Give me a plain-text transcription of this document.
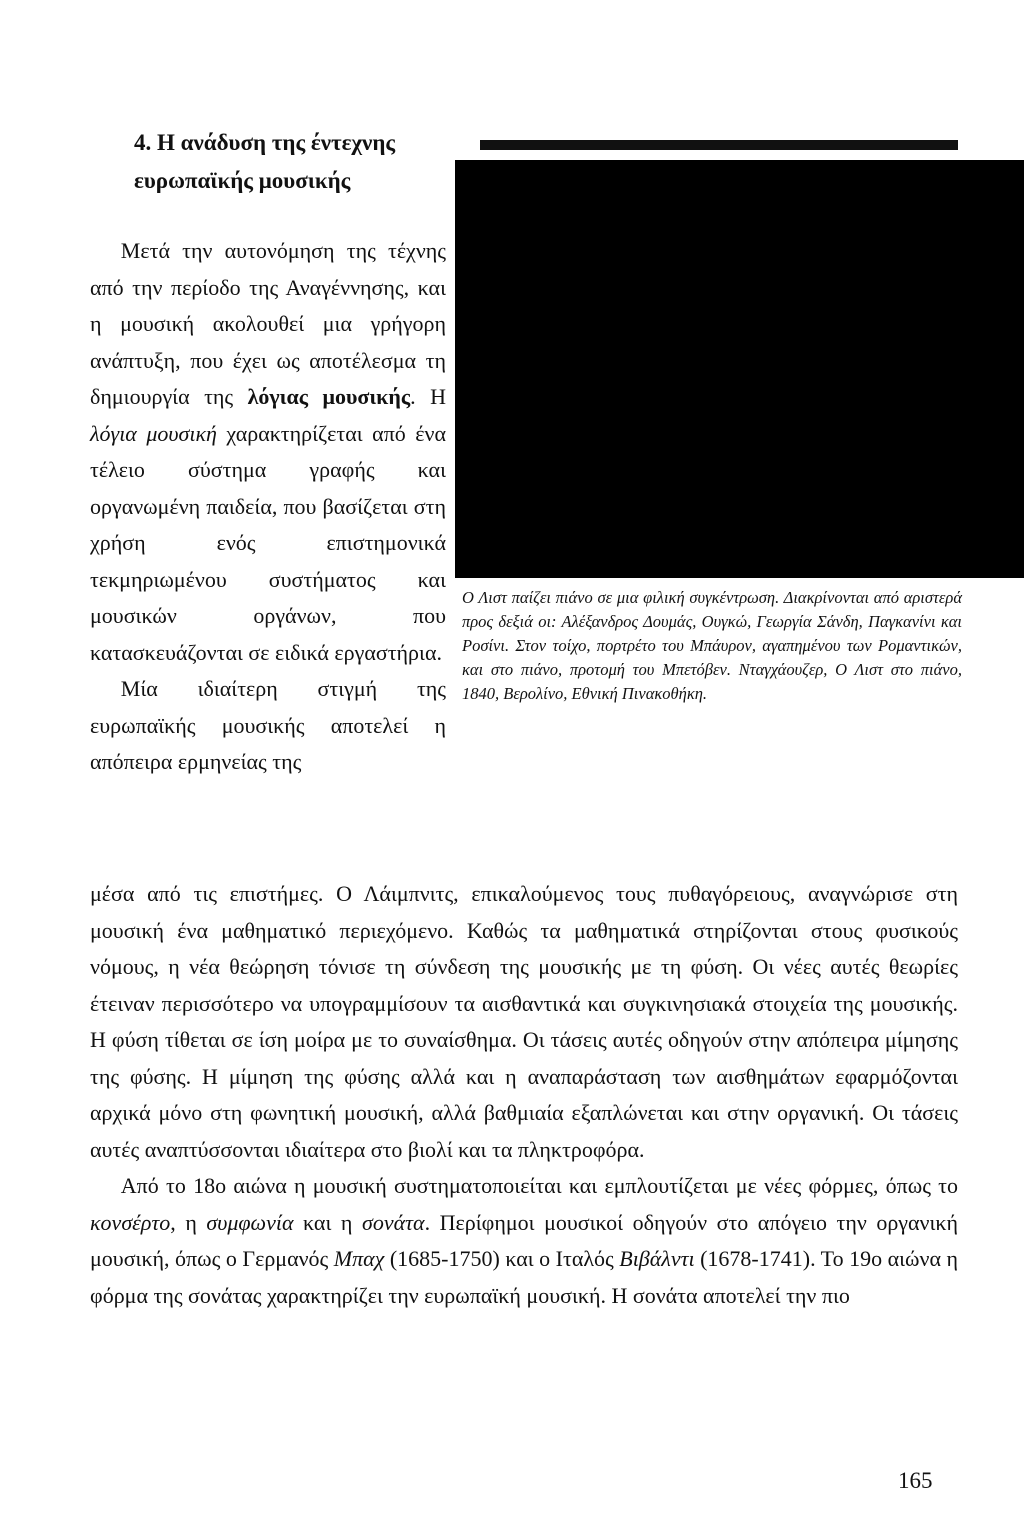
4. Η ανάδυση της έντεχνης ευρωπαϊκής μουσικής
Ο Λιστ παίζει πιάνο σε μια φιλική συγκέντρωση. Διακρίνονται από αριστερά προς δεξιά οι: Αλέξανδρος Δουμάς, Ουγκώ, Γεωργία Σάνδη, Παγκανίνι και Ροσίνι. Στον τοίχο, πορτρέτο του Μπάυρον, αγαπημένου των Ρομαντικών, και στο πιάνο, προτομή του Μπετόβεν. Νταγχάουζερ, Ο Λιστ στο πιάνο, 1840, Βερολίνο, Εθνική Πινακοθήκη.

Μετά την αυτονόμηση της τέχνης από την περίοδο της Αναγέννησης, και η μουσική ακολουθεί μια γρήγορη ανάπτυξη, που έχει ως αποτέλεσμα τη δημιουργία της λόγιας μουσικής. Η λόγια μουσική χαρακτηρίζεται από ένα τέλειο σύστημα γραφής και οργανωμένη παιδεία, που βασίζεται στη χρήση ενός επιστημονικά τεκμηριωμένου συστήματος και μουσικών οργάνων, που κατασκευάζονται σε ειδικά εργαστήρια.

Μία ιδιαίτερη στιγμή της ευρωπαϊκής μουσικής αποτελεί η απόπειρα ερμηνείας της

μέσα από τις επιστήμες. Ο Λάιμπνιτς, επικαλούμενος τους πυθαγόρειους, αναγνώρισε στη μουσική ένα μαθηματικό περιεχόμενο. Καθώς τα μαθηματικά στηρίζονται στους φυσικούς νόμους, η νέα θεώρηση τόνισε τη σύνδεση της μουσικής με τη φύση. Οι νέες αυτές θεωρίες έτειναν περισσότερο να υπογραμμίσουν τα αισθαντικά και συγκινησιακά στοιχεία της μουσικής. Η φύση τίθεται σε ίση μοίρα με το συναίσθημα. Οι τάσεις αυτές οδηγούν στην απόπειρα μίμησης της φύσης. Η μίμηση της φύσης αλλά και η αναπαράσταση των αισθημάτων εφαρμόζονται αρχικά μόνο στη φωνητική μουσική, αλλά βαθμιαία εξαπλώνεται και στην οργανική. Οι τάσεις αυτές αναπτύσσονται ιδιαίτερα στο βιολί και τα πληκτροφόρα.

Από το 18ο αιώνα η μουσική συστηματοποιείται και εμπλουτίζεται με νέες φόρμες, όπως το κονσέρτο, η συμφωνία και η σονάτα. Περίφημοι μουσικοί οδηγούν στο απόγειο την οργανική μουσική, όπως ο Γερμανός Μπαχ (1685-1750) και ο Ιταλός Βιβάλντι (1678-1741). Το 19ο αιώνα η φόρμα της σονάτας χαρακτηρίζει την ευρωπαϊκή μουσική. Η σονάτα αποτελεί την πιο

165
